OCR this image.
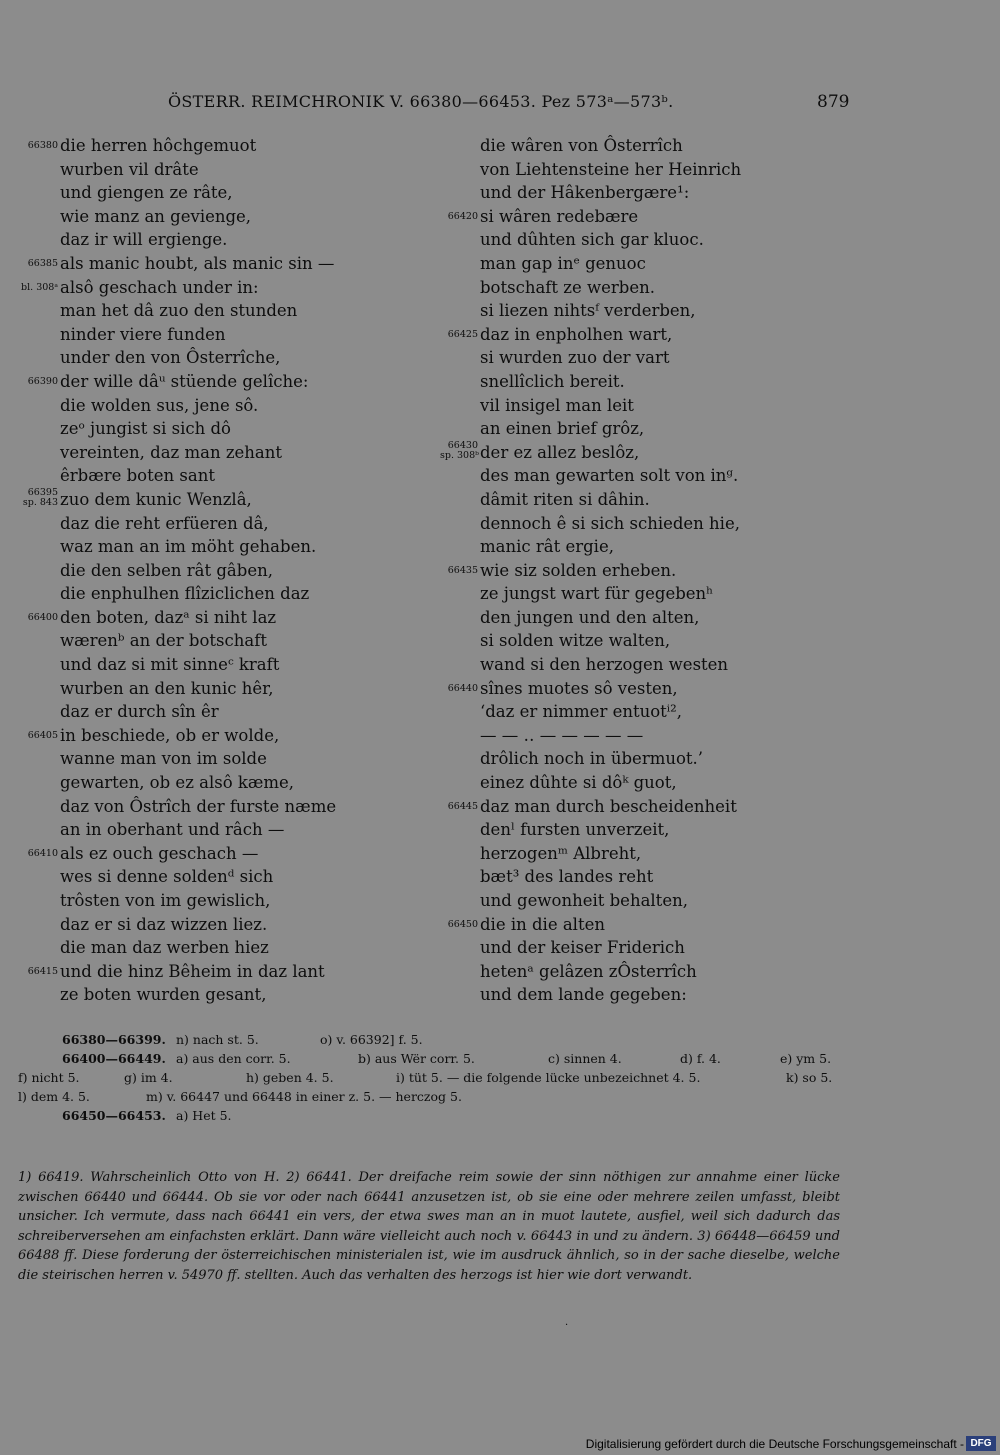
ÖSTERR. REIMCHRONIK V. 66380—66453. Pez 573ᵃ—573ᵇ.	879
66380 die herren hôchgemuot
wurben vil drâte
und giengen ze râte,
wie manz an gevienge,
daz ir will ergienge.
66385 als manic houbt, als manic sin —
bl. 308ᵃ alsô geschach under in:
man het dâ zuo den stunden
ninder viere funden
under den von Ôsterrîche,
66390 der wille dâᵘ stüende gelîche:
die wolden sus, jene sô.
zeᵒ jungist si sich dô
vereinten, daz man zehant
êrbære boten sant
66395
sp. 843 zuo dem kunic Wenzlâ,
daz die reht erfüeren dâ,
waz man an im möht gehaben.
die den selben rât gâben,
die enphulhen flîziclichen daz
66400 den boten, dazᵃ si niht laz
wærenᵇ an der botschaft
und daz si mit sinneᶜ kraft
wurben an den kunic hêr,
daz er durch sîn êr
66405 in beschiede, ob er wolde,
wanne man von im solde
gewarten, ob ez alsô kæme,
daz von Ôstrîch der furste næme
an in oberhant und râch —
66410 als ez ouch geschach —
wes si denne soldenᵈ sich
trôsten von im gewislich,
daz er si daz wizzen liez.
die man daz werben hiez
66415 und die hinz Bêheim in daz lant
ze boten wurden gesant,
die wâren von Ôsterrîch
von Liehtensteine her Heinrich
und der Hâkenbergære¹:
66420 si wâren redebære
und dûhten sich gar kluoc.
man gap inᵉ genuoc
botschaft ze werben.
si liezen nihtsᶠ verderben,
66425 daz in enpholhen wart,
si wurden zuo der vart
snellîclich bereit.
vil insigel man leit
an einen brief grôz,
66430
sp. 308ᵇ der ez allez beslôz,
des man gewarten solt von inᵍ.
dâmit riten si dâhin.
dennoch ê si sich schieden hie,
manic rât ergie,
66435 wie siz solden erheben.
ze jungst wart für gegebenʰ
den jungen und den alten,
si solden witze walten,
wand si den herzogen westen
66440 sînes muotes sô vesten,
ʻdaz er nimmer entuotⁱ²,
— — ‥ — — — — —
drôlich noch in übermuot.’
einez dûhte si dôᵏ guot,
66445 daz man durch bescheidenheit
denˡ fursten unverzeit,
herzogenᵐ Albreht,
bæt³ des landes reht
und gewonheit behalten,
66450 die in die alten
und der keiser Friderich
hetenᵃ gelâzen zÔsterrîch
und dem lande gegeben:
66380—66399. n) nach st. 5.	o) v. 66392] f. 5.
66400—66449. a) aus den corr. 5.	b) aus Wër corr. 5.	c) sinnen 4.	d) f. 4.	e) ym 5.
f) nicht 5.	g) im 4.	h) geben 4. 5.	i) tüt 5. — die folgende lücke unbezeichnet 4. 5.	k) so 5.
l) dem 4. 5.	m) v. 66447 und 66448 in einer z. 5. — herczog 5.
66450—66453. a) Het 5.

1) 66419. Wahrscheinlich Otto von H. 2) 66441. Der dreifache reim sowie der sinn nöthigen zur annahme einer lücke zwischen 66440 und 66444. Ob sie vor oder nach 66441 anzusetzen ist, ob sie eine oder mehrere zeilen umfasst, bleibt unsicher. Ich vermute, dass nach 66441 ein vers, der etwa swes man an in muot lautete, ausfiel, weil sich dadurch das schreiberversehen am einfachsten erklärt. Dann wäre vielleicht auch noch v. 66443 in und zu ändern. 3) 66448—66459 und 66488 ff. Diese forderung der österreichischen ministerialen ist, wie im ausdruck ähnlich, so in der sache dieselbe, welche die steirischen herren v. 54970 ff. stellten. Auch das verhalten des herzogs ist hier wie dort verwandt.

·
Digitalisierung gefördert durch die Deutsche Forschungsgemeinschaft - DFG
